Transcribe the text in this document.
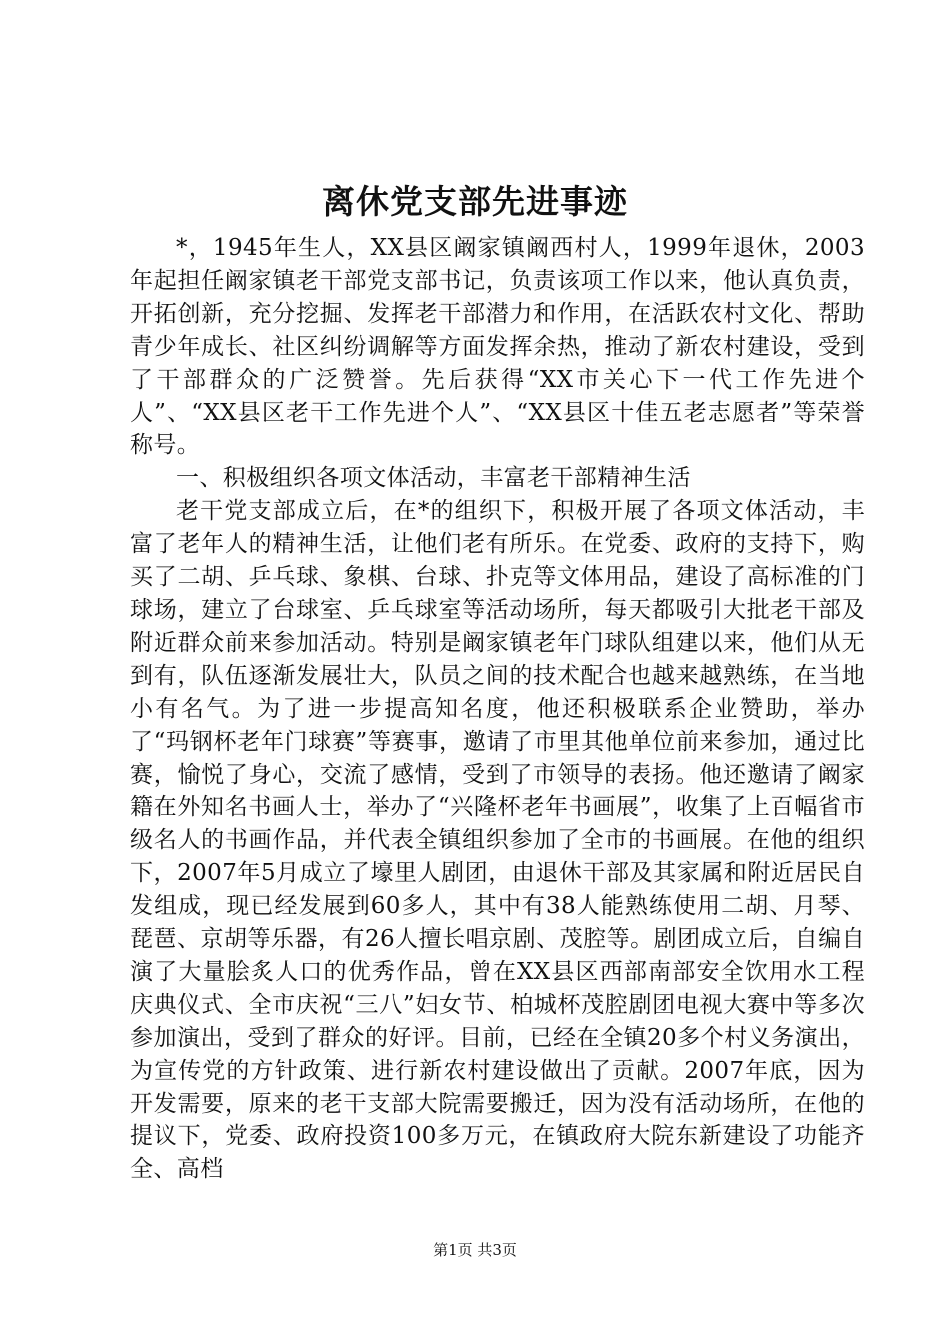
离休党支部先进事迹

*，1945年生人，XX县区阚家镇阚西村人，1999年退休，2003年起担任阚家镇老干部党支部书记，负责该项工作以来，他认真负责，开拓创新，充分挖掘、发挥老干部潜力和作用，在活跃农村文化、帮助青少年成长、社区纠纷调解等方面发挥余热，推动了新农村建设，受到了干部群众的广泛赞誉。先后获得“XX市关心下一代工作先进个人”、“XX县区老干工作先进个人”、“XX县区十佳五老志愿者”等荣誉称号。

一、积极组织各项文体活动，丰富老干部精神生活

老干党支部成立后，在*的组织下，积极开展了各项文体活动，丰富了老年人的精神生活，让他们老有所乐。在党委、政府的支持下，购买了二胡、乒乓球、象棋、台球、扑克等文体用品，建设了高标准的门球场，建立了台球室、乒乓球室等活动场所，每天都吸引大批老干部及附近群众前来参加活动。特别是阚家镇老年门球队组建以来，他们从无到有，队伍逐渐发展壮大，队员之间的技术配合也越来越熟练，在当地小有名气。为了进一步提高知名度，他还积极联系企业赞助，举办了“玛钢杯老年门球赛”等赛事，邀请了市里其他单位前来参加，通过比赛，愉悦了身心，交流了感情，受到了市领导的表扬。他还邀请了阚家籍在外知名书画人士，举办了“兴隆杯老年书画展”，收集了上百幅省市级名人的书画作品，并代表全镇组织参加了全市的书画展。在他的组织下，2007年5月成立了壕里人剧团，由退休干部及其家属和附近居民自发组成，现已经发展到60多人，其中有38人能熟练使用二胡、月琴、琵琶、京胡等乐器，有26人擅长唱京剧、茂腔等。剧团成立后，自编自演了大量脍炙人口的优秀作品，曾在XX县区西部南部安全饮用水工程庆典仪式、全市庆祝“三八”妇女节、柏城杯茂腔剧团电视大赛中等多次参加演出，受到了群众的好评。目前，已经在全镇20多个村义务演出，为宣传党的方针政策、进行新农村建设做出了贡献。2007年底，因为开发需要，原来的老干支部大院需要搬迁，因为没有活动场所，在他的提议下，党委、政府投资100多万元，在镇政府大院东新建设了功能齐全、高档

第1页 共3页
